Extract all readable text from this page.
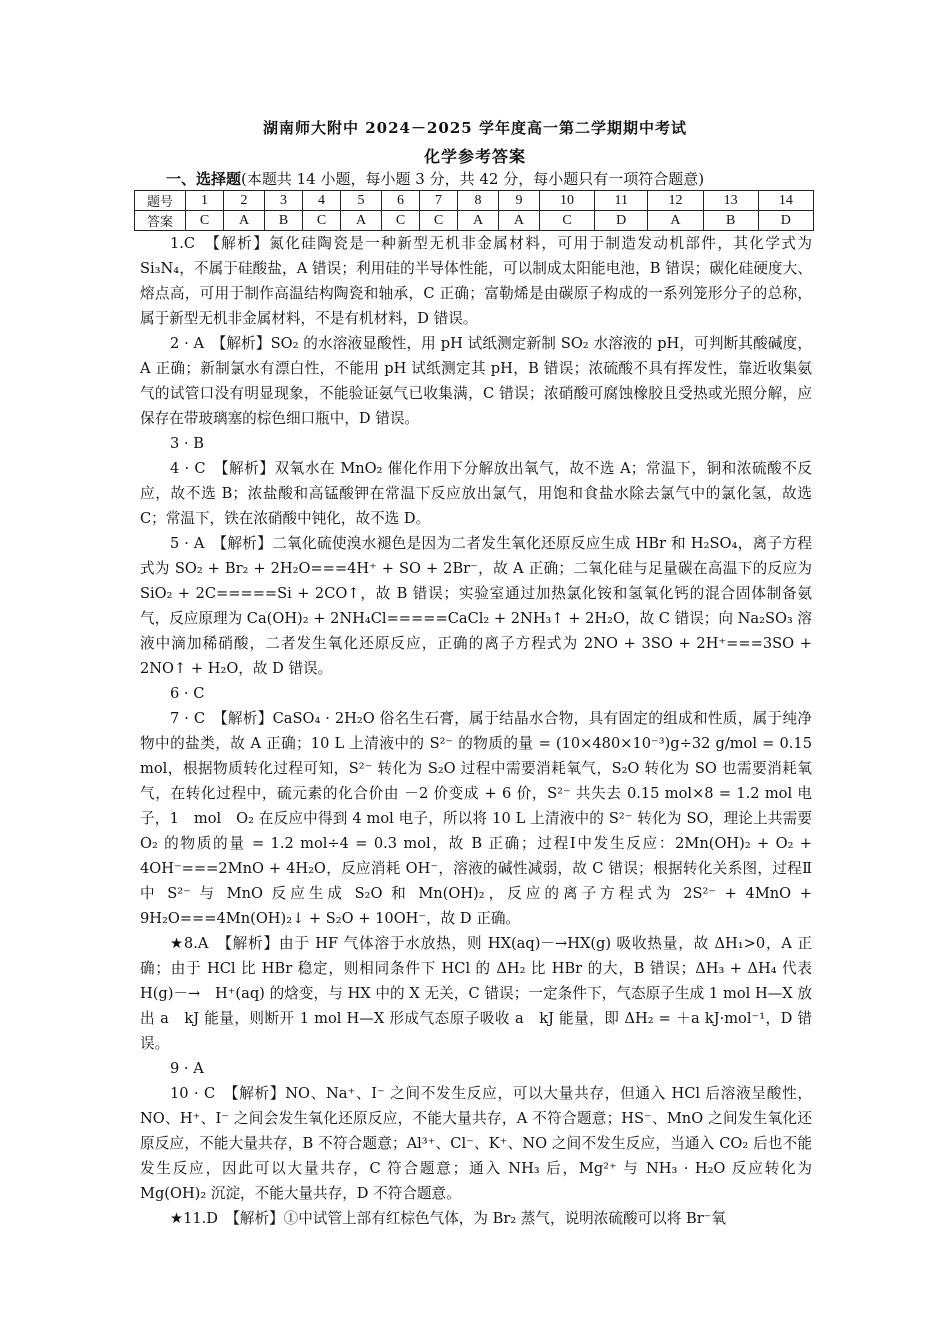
湖南师大附中 2024－2025 学年度高一第二学期期中考试
化学参考答案
一、选择题(本题共 14 小题，每小题 3 分，共 42 分，每小题只有一项符合题意)
题号	1	2	3	4	5	6	7	8	9	10	11	12	13	14
答案	C	A	B	C	A	C	C	A	A	C	D	A	B	D

1.C　【解析】氮化硅陶瓷是一种新型无机非金属材料，可用于制造发动机部件，其化学式为 Si₃N₄，不属于硅酸盐，A 错误；利用硅的半导体性能，可以制成太阳能电池，B 错误；碳化硅硬度大、熔点高，可用于制作高温结构陶瓷和轴承，C 正确；富勒烯是由碳原子构成的一系列笼形分子的总称，属于新型无机非金属材料，不是有机材料，D 错误。

2 · A　【解析】SO₂ 的水溶液显酸性，用 pH 试纸测定新制 SO₂ 水溶液的 pH，可判断其酸碱度，A 正确；新制氯水有漂白性，不能用 pH 试纸测定其 pH，B 错误；浓硫酸不具有挥发性，靠近收集氨气的试管口没有明显现象，不能验证氨气已收集满，C 错误；浓硝酸可腐蚀橡胶且受热或光照分解，应保存在带玻璃塞的棕色细口瓶中，D 错误。

3 · B

4 · C　【解析】双氧水在 MnO₂ 催化作用下分解放出氧气，故不选 A；常温下，铜和浓硫酸不反应，故不选 B；浓盐酸和高锰酸钾在常温下反应放出氯气，用饱和食盐水除去氯气中的氯化氢，故选 C；常温下，铁在浓硝酸中钝化，故不选 D。

5 · A　【解析】二氧化硫使溴水褪色是因为二者发生氧化还原反应生成 HBr 和 H₂SO₄，离子方程式为 SO₂ + Br₂ + 2H₂O===4H⁺ + SO + 2Br⁻，故 A 正确；二氧化硅与足量碳在高温下的反应为　SiO₂ + 2C=====Si + 2CO↑，故 B 错误；实验室通过加热氯化铵和氢氧化钙的混合固体制备氨气，反应原理为 Ca(OH)₂ + 2NH₄Cl=====CaCl₂ + 2NH₃↑ + 2H₂O，故 C 错误；向 Na₂SO₃ 溶液中滴加稀硝酸，二者发生氧化还原反应，正确的离子方程式为 2NO + 3SO + 2H⁺===3SO + 2NO↑ + H₂O，故 D 错误。

6 · C

7 · C　【解析】CaSO₄ · 2H₂O 俗名生石膏，属于结晶水合物，具有固定的组成和性质，属于纯净物中的盐类，故 A 正确；10 L 上清液中的 S²⁻ 的物质的量 = (10×480×10⁻³)g÷32 g/mol = 0.15 mol，根据物质转化过程可知，S²⁻ 转化为 S₂O 过程中需要消耗氧气，S₂O 转化为 SO 也需要消耗氧气，在转化过程中，硫元素的化合价由 －2 价变成 + 6 价，S²⁻ 共失去 0.15 mol×8 = 1.2 mol 电子，1　mol　O₂ 在反应中得到 4 mol 电子，所以将 10 L 上清液中的 S²⁻ 转化为 SO，理论上共需要 O₂ 的物质的量 = 1.2 mol÷4 = 0.3 mol，故 B 正确；过程Ⅰ中发生反应：2Mn(OH)₂ + O₂ + 4OH⁻===2MnO + 4H₂O，反应消耗 OH⁻，溶液的碱性减弱，故 C 错误；根据转化关系图，过程Ⅱ中 S²⁻ 与 MnO 反应生成 S₂O 和 Mn(OH)₂，反应的离子方程式为 2S²⁻ + 4MnO + 9H₂O===4Mn(OH)₂↓ + S₂O + 10OH⁻，故 D 正确。

★8.A　【解析】由于 HF 气体溶于水放热，则 HX(aq)－→HX(g) 吸收热量，故 ΔH₁>0，A 正确；由于 HCl 比 HBr 稳定，则相同条件下 HCl 的 ΔH₂ 比 HBr 的大，B 错误；ΔH₃ + ΔH₄ 代表 H(g)－→　H⁺(aq) 的焓变，与 HX 中的 X 无关，C 错误；一定条件下，气态原子生成 1 mol H—X 放出 a　kJ 能量，则断开 1 mol H—X 形成气态原子吸收 a　kJ 能量，即 ΔH₂ = ＋a kJ·mol⁻¹，D 错误。

9 · A

10 · C　【解析】NO、Na⁺、I⁻ 之间不发生反应，可以大量共存，但通入 HCl 后溶液呈酸性，NO、H⁺、I⁻ 之间会发生氧化还原反应，不能大量共存，A 不符合题意；HS⁻、MnO 之间发生氧化还原反应，不能大量共存，B 不符合题意；Al³⁺、Cl⁻、K⁺、NO 之间不发生反应，当通入 CO₂ 后也不能发生反应，因此可以大量共存，C 符合题意；通入 NH₃ 后，Mg²⁺ 与 NH₃ · H₂O 反应转化为 Mg(OH)₂ 沉淀，不能大量共存，D 不符合题意。

★11.D　【解析】①中试管上部有红棕色气体，为 Br₂ 蒸气，说明浓硫酸可以将 Br⁻氧
